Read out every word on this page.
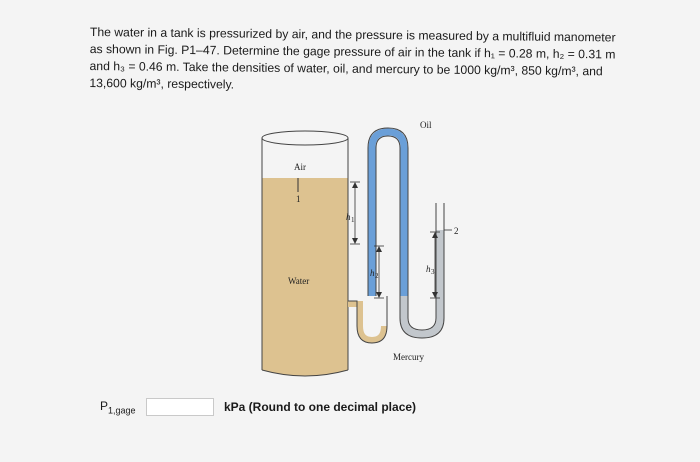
The water in a tank is pressurized by air, and the pressure is measured by a multifluid manometer

as shown in Fig. P1–47. Determine the gage pressure of air in the tank if h₁ = 0.28 m, h₂ = 0.31 m

and h₃ = 0.46 m. Take the densities of water, oil, and mercury to be 1000 kg/m³, 850 kg/m³, and

13,600 kg/m³, respectively.

Oil
Air
1
Water
Mercury
2
h 1
h 2
h 3
$P_{1,gage}$	kPa (Round to one decimal place)
